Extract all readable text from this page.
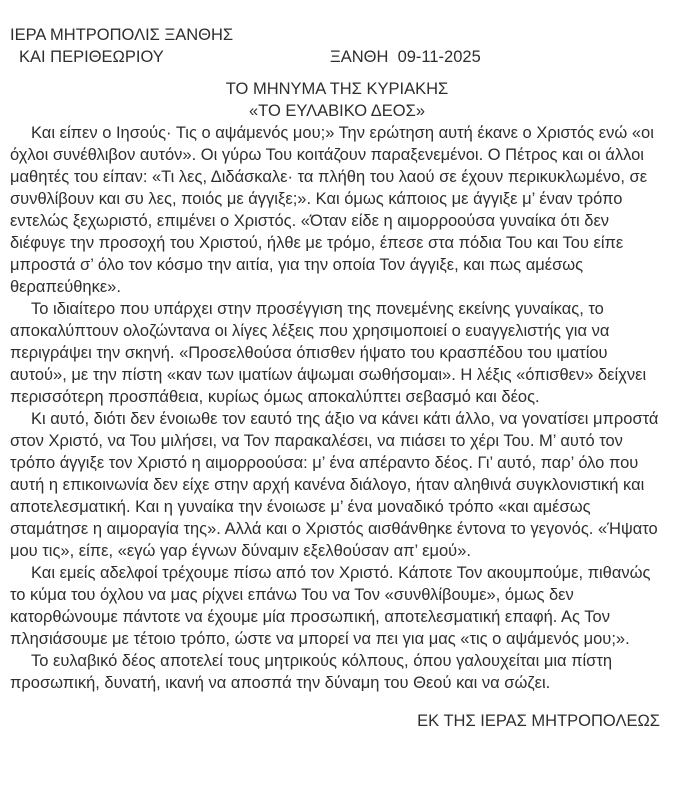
ΙΕΡΑ ΜΗΤΡΟΠΟΛΙΣ ΞΑΝΘΗΣ
ΚΑΙ ΠΕΡΙΘΕΩΡΙΟΥ	ΞΑΝΘΗ  09-11-2025
ΤΟ ΜΗΝΥΜΑ ΤΗΣ ΚΥΡΙΑΚΗΣ
«ΤΟ ΕΥΛΑΒΙΚΟ ΔΕΟΣ»

Και είπεν ο Ιησούς· Τις ο αψάμενός μου;» Την ερώτηση αυτή έκανε ο Χριστός ενώ «οι όχλοι συνέθλιβον αυτόν». Οι γύρω Του κοιτάζουν παραξενεμένοι. Ο Πέτρος και οι άλλοι μαθητές του είπαν: «Τι λες, Διδάσκαλε· τα πλήθη του λαού σε έχουν περικυκλωμένο, σε συνθλίβουν και συ λες, ποιός με άγγιξε;». Και όμως κάποιος με άγγιξε μ’ έναν τρόπο εντελώς ξεχωριστό, επιμένει ο Χριστός. «Όταν είδε η αιμορροούσα γυναίκα ότι δεν διέφυγε την προσοχή του Χριστού, ήλθε με τρόμο, έπεσε στα πόδια Του και Του είπε μπροστά σ’ όλο τον κόσμο την αιτία, για την οποία Τον άγγιξε, και πως αμέσως θεραπεύθηκε».

Το ιδιαίτερο που υπάρχει στην προσέγγιση της πονεμένης εκείνης γυναίκας, το αποκαλύπτουν ολοζώντανα οι λίγες λέξεις που χρησιμοποιεί ο ευαγγελιστής για να περιγράψει την σκηνή. «Προσελθούσα όπισθεν ήψατο του κρασπέδου του ιματίου αυτού», με την πίστη «καν των ιματίων άψωμαι σωθήσομαι». Η λέξις «όπισθεν» δείχνει περισσότερη προσπάθεια, κυρίως όμως αποκαλύπτει σεβασμό και δέος.

Κι αυτό, διότι δεν ένοιωθε τον εαυτό της άξιο να κάνει κάτι άλλο, να γονατίσει μπροστά στον Χριστό, να Του μιλήσει, να Τον παρακαλέσει, να πιάσει το χέρι Του. Μ’ αυτό τον τρόπο άγγιξε τον Χριστό η αιμορροούσα: μ’ ένα απέραντο δέος. Γι’ αυτό, παρ’ όλο που αυτή η επικοινωνία δεν είχε στην αρχή κανένα διάλογο, ήταν αληθινά συγκλονιστική και αποτελεσματική. Και η γυναίκα την ένοιωσε μ’ ένα μοναδικό τρόπο «και αμέσως σταμάτησε η αιμοραγία της». Αλλά και ο Χριστός αισθάνθηκε έντονα το γεγονός. «Ήψατο μου τις», είπε, «εγώ γαρ έγνων δύναμιν εξελθούσαν απ’ εμού».

Και εμείς αδελφοί τρέχουμε πίσω από τον Χριστό. Κάποτε Τον ακουμπούμε, πιθανώς το κύμα του όχλου να μας ρίχνει επάνω Του να Τον «συνθλίβουμε», όμως δεν κατορθώνουμε πάντοτε να έχουμε μία προσωπική, αποτελεσματική επαφή. Ας Τον πλησιάσουμε με τέτοιο τρόπο, ώστε να μπορεί να πει για μας «τις ο αψάμενός μου;».

Το ευλαβικό δέος αποτελεί τους μητρικούς κόλπους, όπου γαλουχείται μια πίστη προσωπική, δυνατή, ικανή να αποσπά την δύναμη του Θεού και να σώζει.

ΕΚ ΤΗΣ ΙΕΡΑΣ ΜΗΤΡΟΠΟΛΕΩΣ
